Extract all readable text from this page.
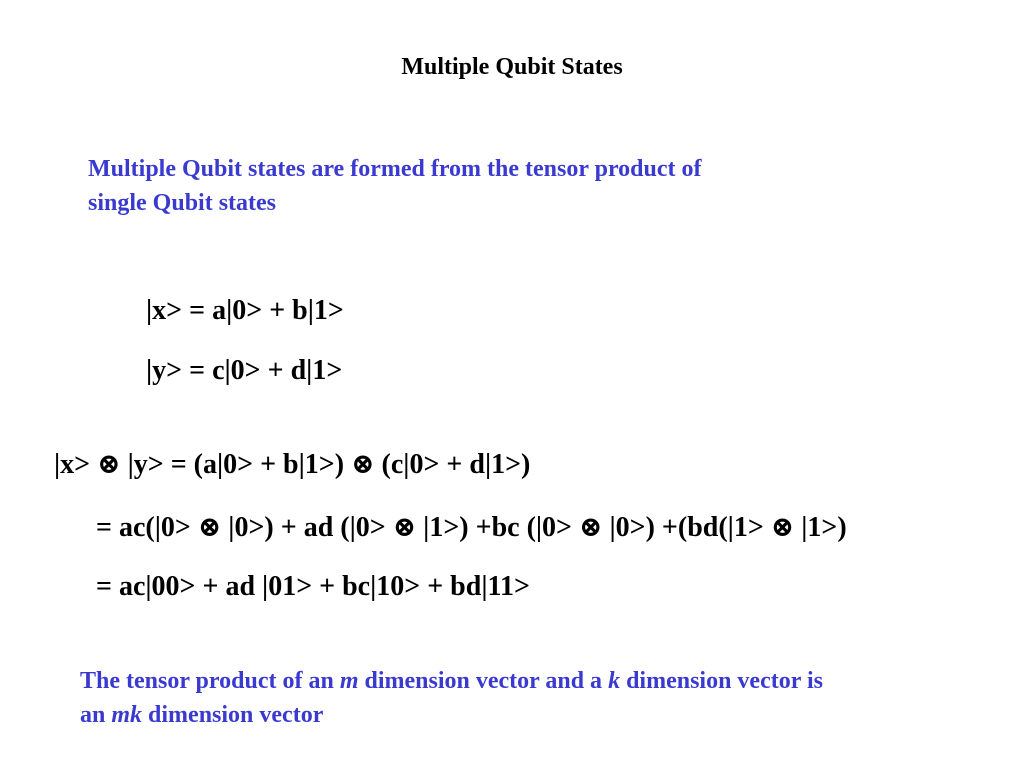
Multiple Qubit States
Multiple Qubit states are formed from the tensor product of
single Qubit states
|x> = a|0> + b|1>
|y> = c|0> + d|1>
|x> ⊗ |y> = (a|0> + b|1>) ⊗ (c|0> + d|1>)
= ac(|0> ⊗ |0>) + ad (|0> ⊗ |1>) +bc (|0> ⊗ |0>) +(bd(|1> ⊗ |1>)
= ac|00> + ad |01> + bc|10> + bd|11>
The tensor product of an m dimension vector and a k dimension vector is
an mk dimension vector
